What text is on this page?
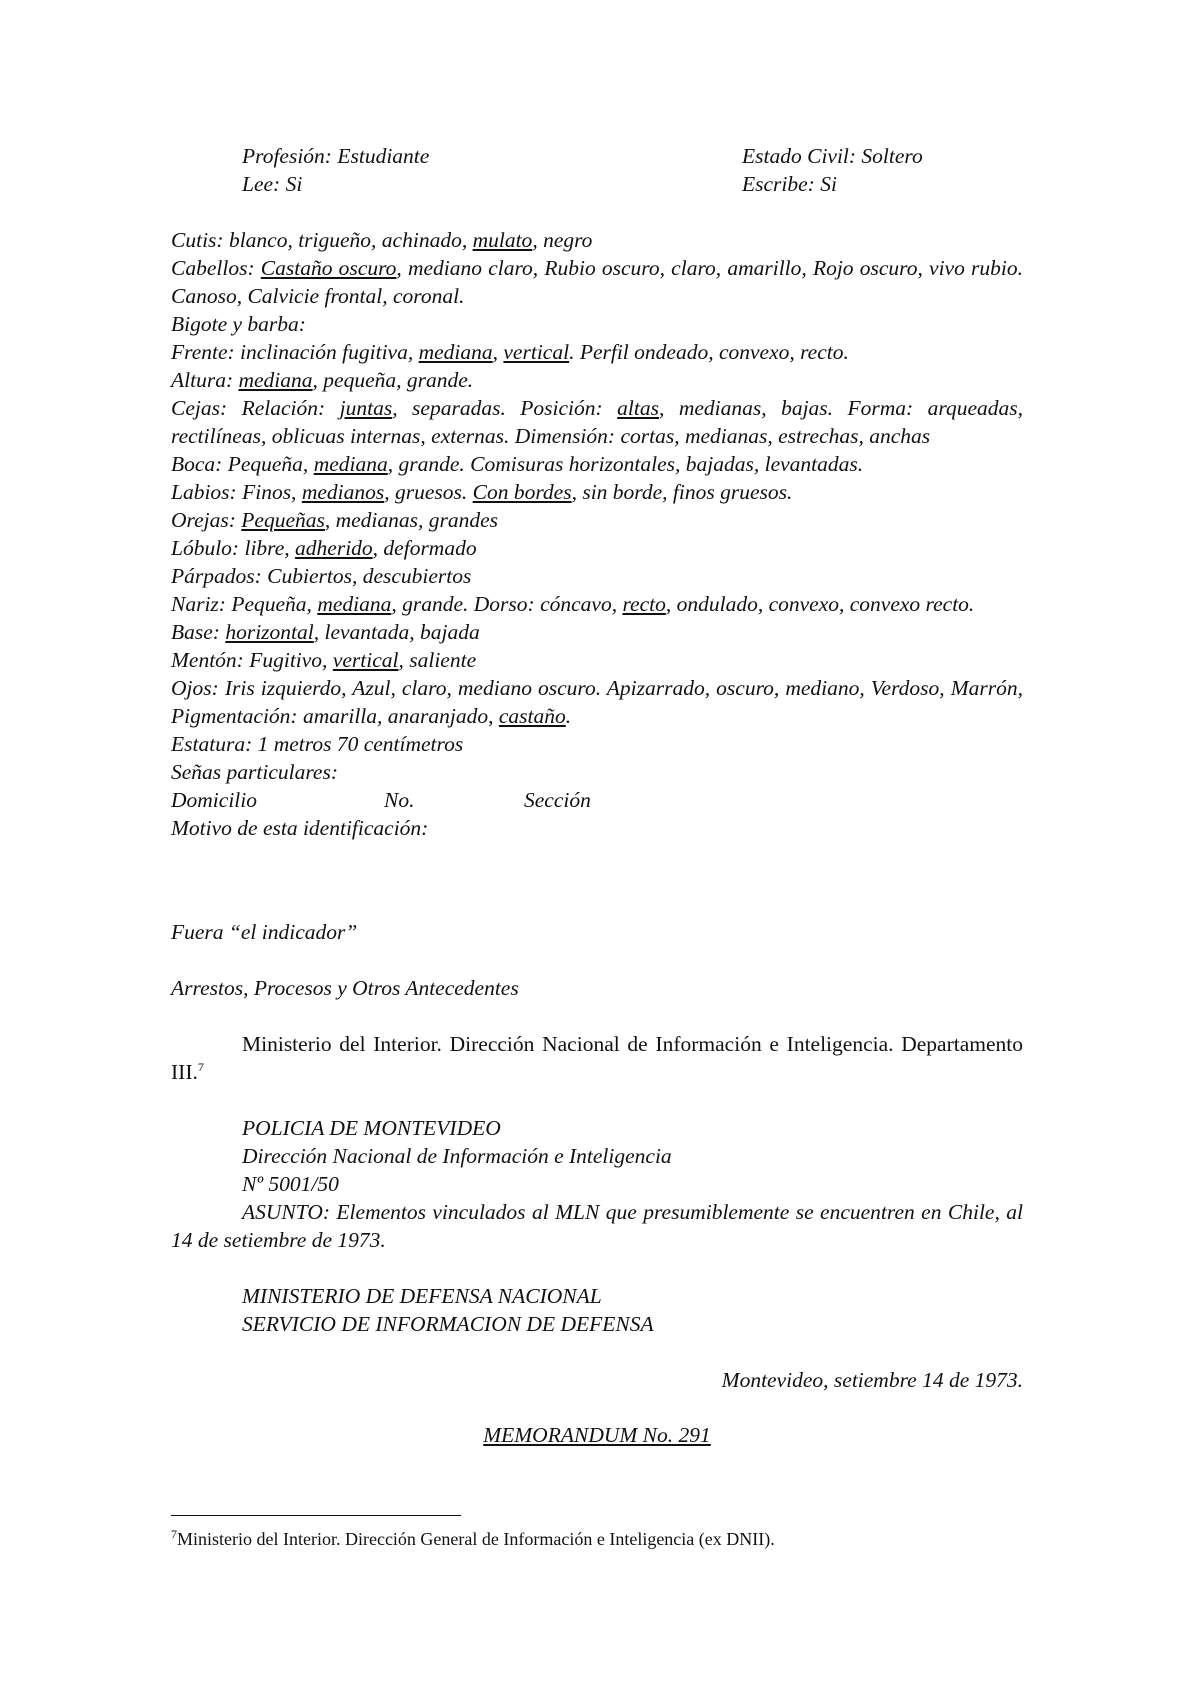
Profesión: Estudiante	Estado Civil: Soltero
Lee: Si	Escribe: Si
Cutis: blanco, trigueño, achinado, mulato, negro
Cabellos: Castaño oscuro, mediano claro, Rubio oscuro, claro, amarillo, Rojo oscuro, vivo rubio. Canoso, Calvicie frontal, coronal.
Bigote y barba:
Frente: inclinación fugitiva, mediana, vertical. Perfil ondeado, convexo, recto.
Altura: mediana, pequeña, grande.
Cejas: Relación: juntas, separadas. Posición: altas, medianas, bajas. Forma: arqueadas, rectilíneas, oblicuas internas, externas. Dimensión: cortas, medianas, estrechas, anchas
Boca: Pequeña, mediana, grande. Comisuras horizontales, bajadas, levantadas.
Labios: Finos, medianos, gruesos. Con bordes, sin borde, finos gruesos.
Orejas: Pequeñas, medianas, grandes
Lóbulo: libre, adherido, deformado
Párpados: Cubiertos, descubiertos
Nariz: Pequeña, mediana, grande. Dorso: cóncavo, recto, ondulado, convexo, convexo recto.
Base: horizontal, levantada, bajada
Mentón: Fugitivo, vertical, saliente
Ojos: Iris izquierdo, Azul, claro, mediano oscuro. Apizarrado, oscuro, mediano, Verdoso, Marrón, Pigmentación: amarilla, anaranjado, castaño.
Estatura: 1 metros 70 centímetros
Señas particulares:
Domicilio	No.	Sección
Motivo de esta identificación:
Fuera “el indicador”
Arrestos, Procesos y Otros Antecedentes
Ministerio del Interior. Dirección Nacional de Información e Inteligencia. Departamento III.$^7$
POLICIA DE MONTEVIDEO
Dirección Nacional de Información e Inteligencia
Nº 5001/50
ASUNTO: Elementos vinculados al MLN que presumiblemente se encuentren en Chile, al 14 de setiembre de 1973.
MINISTERIO DE DEFENSA NACIONAL
SERVICIO DE INFORMACION DE DEFENSA
Montevideo, setiembre 14 de 1973.
MEMORANDUM No. 291
$^7$Ministerio del Interior. Dirección General de Información e Inteligencia (ex DNII).
